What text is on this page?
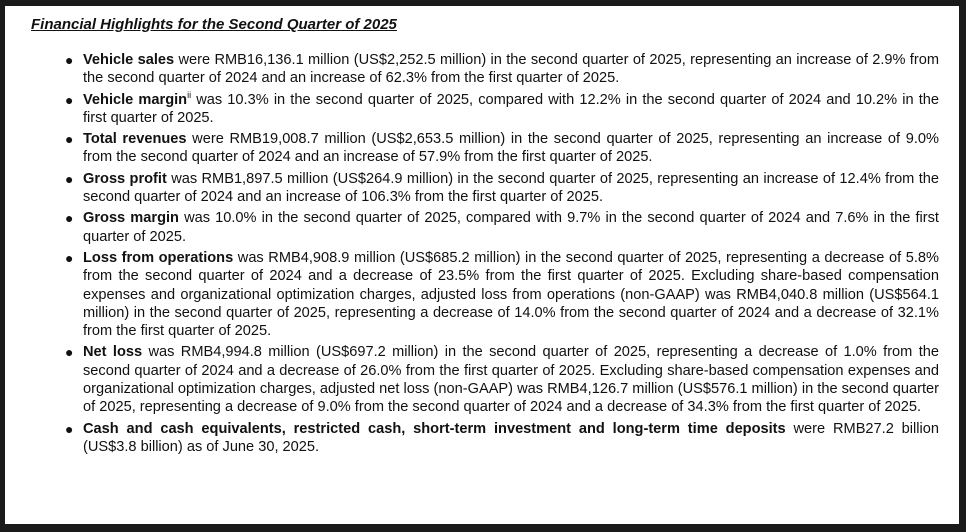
Financial Highlights for the Second Quarter of 2025
● Vehicle sales were RMB16,136.1 million (US$2,252.5 million) in the second quarter of 2025, representing an increase of 2.9% from the second quarter of 2024 and an increase of 62.3% from the first quarter of 2025.
● Vehicle margin$^{ii}$ was 10.3% in the second quarter of 2025, compared with 12.2% in the second quarter of 2024 and 10.2% in the first quarter of 2025.
● Total revenues were RMB19,008.7 million (US$2,653.5 million) in the second quarter of 2025, representing an increase of 9.0% from the second quarter of 2024 and an increase of 57.9% from the first quarter of 2025.
● Gross profit was RMB1,897.5 million (US$264.9 million) in the second quarter of 2025, representing an increase of 12.4% from the second quarter of 2024 and an increase of 106.3% from the first quarter of 2025.
● Gross margin was 10.0% in the second quarter of 2025, compared with 9.7% in the second quarter of 2024 and 7.6% in the first quarter of 2025.
● Loss from operations was RMB4,908.9 million (US$685.2 million) in the second quarter of 2025, representing a decrease of 5.8% from the second quarter of 2024 and a decrease of 23.5% from the first quarter of 2025. Excluding share-based compensation expenses and organizational optimization charges, adjusted loss from operations (non-GAAP) was RMB4,040.8 million (US$564.1 million) in the second quarter of 2025, representing a decrease of 14.0% from the second quarter of 2024 and a decrease of 32.1% from the first quarter of 2025.
● Net loss was RMB4,994.8 million (US$697.2 million) in the second quarter of 2025, representing a decrease of 1.0% from the second quarter of 2024 and a decrease of 26.0% from the first quarter of 2025. Excluding share-based compensation expenses and organizational optimization charges, adjusted net loss (non-GAAP) was RMB4,126.7 million (US$576.1 million) in the second quarter of 2025, representing a decrease of 9.0% from the second quarter of 2024 and a decrease of 34.3% from the first quarter of 2025.
● Cash and cash equivalents, restricted cash, short-term investment and long-term time deposits were RMB27.2 billion (US$3.8 billion) as of June 30, 2025.
